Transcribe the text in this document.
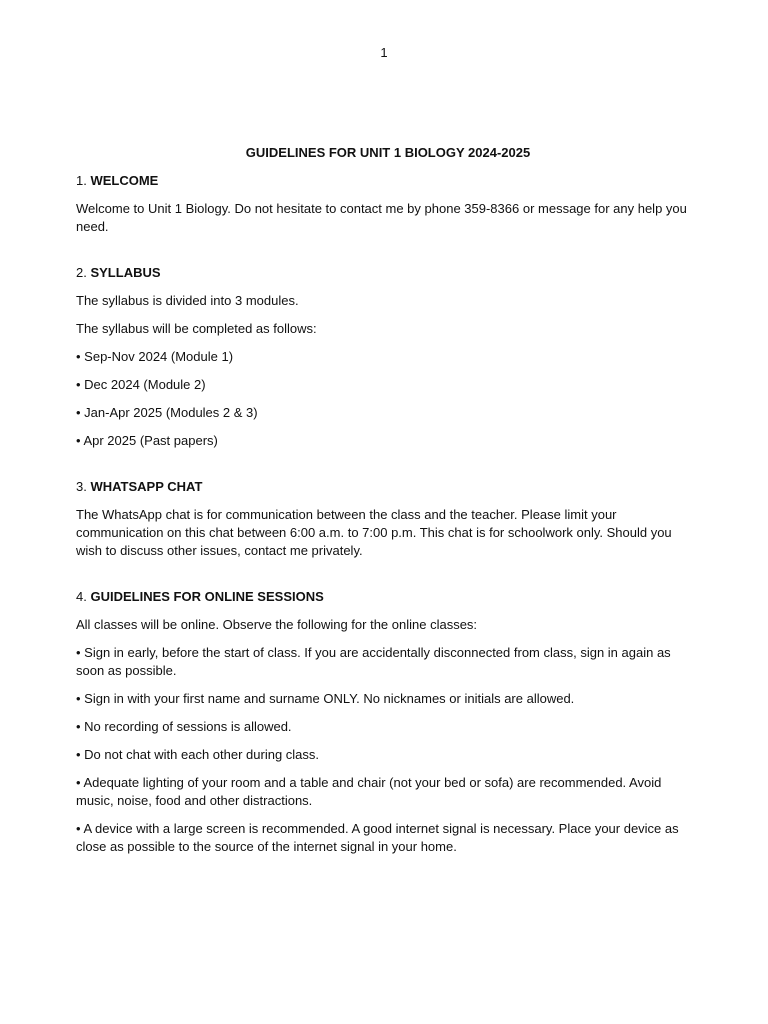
1
GUIDELINES FOR UNIT 1 BIOLOGY 2024-2025
1. WELCOME

Welcome to Unit 1 Biology. Do not hesitate to contact me by phone 359-8366 or message for any help you need.

2. SYLLABUS

The syllabus is divided into 3 modules.

The syllabus will be completed as follows:

• Sep-Nov 2024 (Module 1)

• Dec 2024 (Module 2)

• Jan-Apr 2025 (Modules 2 & 3)

• Apr 2025 (Past papers)

3. WHATSAPP CHAT

The WhatsApp chat is for communication between the class and the teacher. Please limit your communication on this chat between 6:00 a.m. to 7:00 p.m. This chat is for schoolwork only. Should you wish to discuss other issues, contact me privately.

4. GUIDELINES FOR ONLINE SESSIONS

All classes will be online. Observe the following for the online classes:

• Sign in early, before the start of class. If you are accidentally disconnected from class, sign in again as soon as possible.

• Sign in with your first name and surname ONLY. No nicknames or initials are allowed.

• No recording of sessions is allowed.

• Do not chat with each other during class.

• Adequate lighting of your room and a table and chair (not your bed or sofa) are recommended. Avoid music, noise, food and other distractions.

• A device with a large screen is recommended. A good internet signal is necessary. Place your device as close as possible to the source of the internet signal in your home.
